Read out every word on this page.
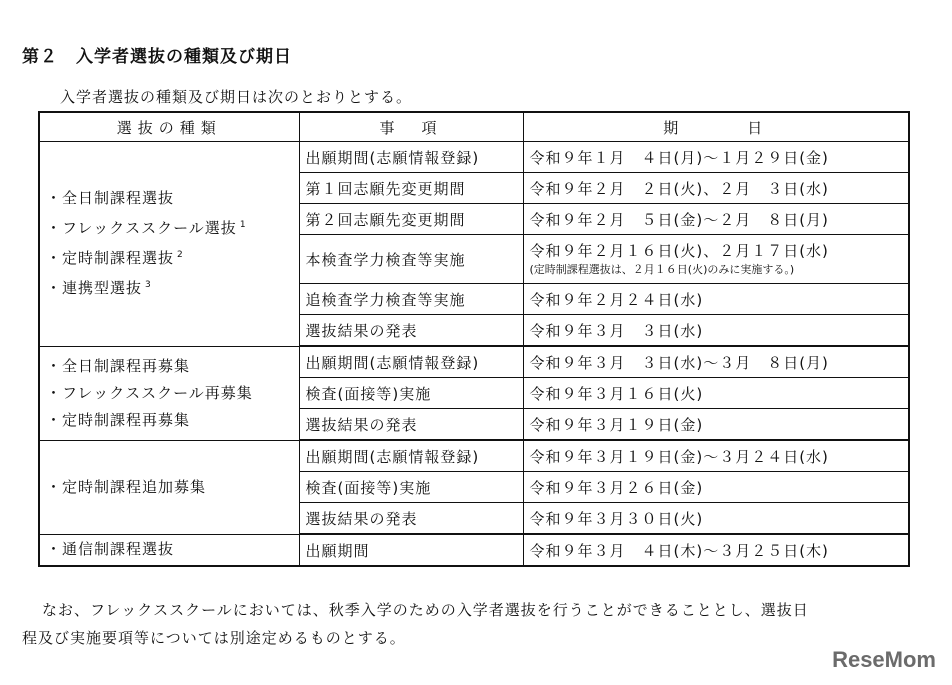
第２　入学者選抜の種類及び期日
入学者選抜の種類及び期日は次のとおりとする。
選抜の種類	事　項	期　　　日

・全日制課程選抜
・フレックススクール選抜 $^1$
・定時制課程選抜 $^2$
・連携型選抜 $^3$	出願期間(志願情報登録)	令和９年１月　４日(月)～１月２９日(金)
	第１回志願先変更期間	令和９年２月　２日(火)、２月　３日(水)
	第２回志願先変更期間	令和９年２月　５日(金)～２月　８日(月)
	本検査学力検査等実施	令和９年２月１６日(火)、２月１７日(水)
(定時制課程選抜は、２月１６日(火)のみに実施する。)

	追検査学力検査等実施	令和９年２月２４日(水)
	選抜結果の発表	令和９年３月　３日(水)

・全日制課程再募集
・フレックススクール再募集
・定時制課程再募集	出願期間(志願情報登録)	令和９年３月　３日(水)～３月　８日(月)
	検査(面接等)実施	令和９年３月１６日(火)
	選抜結果の発表	令和９年３月１９日(金)

・定時制課程追加募集	出願期間(志願情報登録)	令和９年３月１９日(金)～３月２４日(水)
	検査(面接等)実施	令和９年３月２６日(金)
	選抜結果の発表	令和９年３月３０日(火)

・通信制課程選抜	出願期間	令和９年３月　４日(木)～３月２５日(木)
なお、フレックススクールにおいては、秋季入学のための入学者選抜を行うことができることとし、選抜日
程及び実施要項等については別途定めるものとする。
ReseMom
